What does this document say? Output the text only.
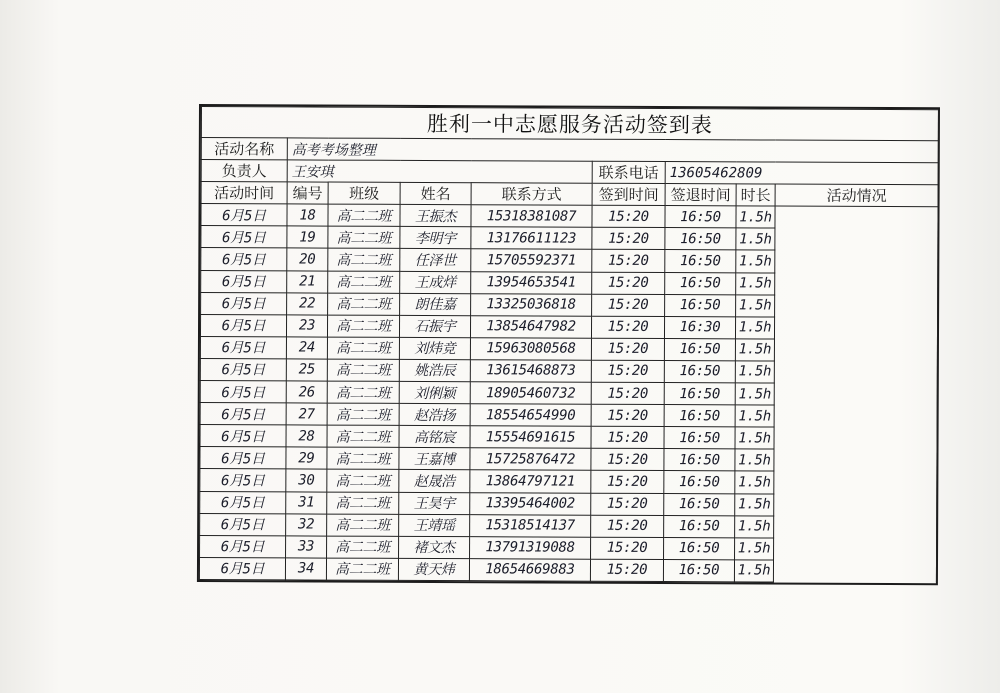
胜利一中志愿服务活动签到表								
活动名称	高考考场整理							
负责人	王安琪				联系电话	13605462809		
活动时间	编号	班级	姓名	联系方式	签到时间	签退时间	时长	活动情况
6月5日	18	高二二班	王振杰	15318381087	15:20	16:50	1.5h	
6月5日	19	高二二班	李明宇	13176611123	15:20	16:50	1.5h	
6月5日	20	高二二班	任泽世	15705592371	15:20	16:50	1.5h	
6月5日	21	高二二班	王成烊	13954653541	15:20	16:50	1.5h	
6月5日	22	高二二班	朗佳嘉	13325036818	15:20	16:50	1.5h	
6月5日	23	高二二班	石振宇	13854647982	15:20	16:30	1.5h	
6月5日	24	高二二班	刘炜竞	15963080568	15:20	16:50	1.5h	
6月5日	25	高二二班	姚浩辰	13615468873	15:20	16:50	1.5h	
6月5日	26	高二二班	刘俐颖	18905460732	15:20	16:50	1.5h	
6月5日	27	高二二班	赵浩扬	18554654990	15:20	16:50	1.5h	
6月5日	28	高二二班	高铭宸	15554691615	15:20	16:50	1.5h	
6月5日	29	高二二班	王嘉博	15725876472	15:20	16:50	1.5h	
6月5日	30	高二二班	赵晟浩	13864797121	15:20	16:50	1.5h	
6月5日	31	高二二班	王昊宇	13395464002	15:20	16:50	1.5h	
6月5日	32	高二二班	王靖瑶	15318514137	15:20	16:50	1.5h	
6月5日	33	高二二班	褚文杰	13791319088	15:20	16:50	1.5h	
6月5日	34	高二二班	黄天炜	18654669883	15:20	16:50	1.5h	
